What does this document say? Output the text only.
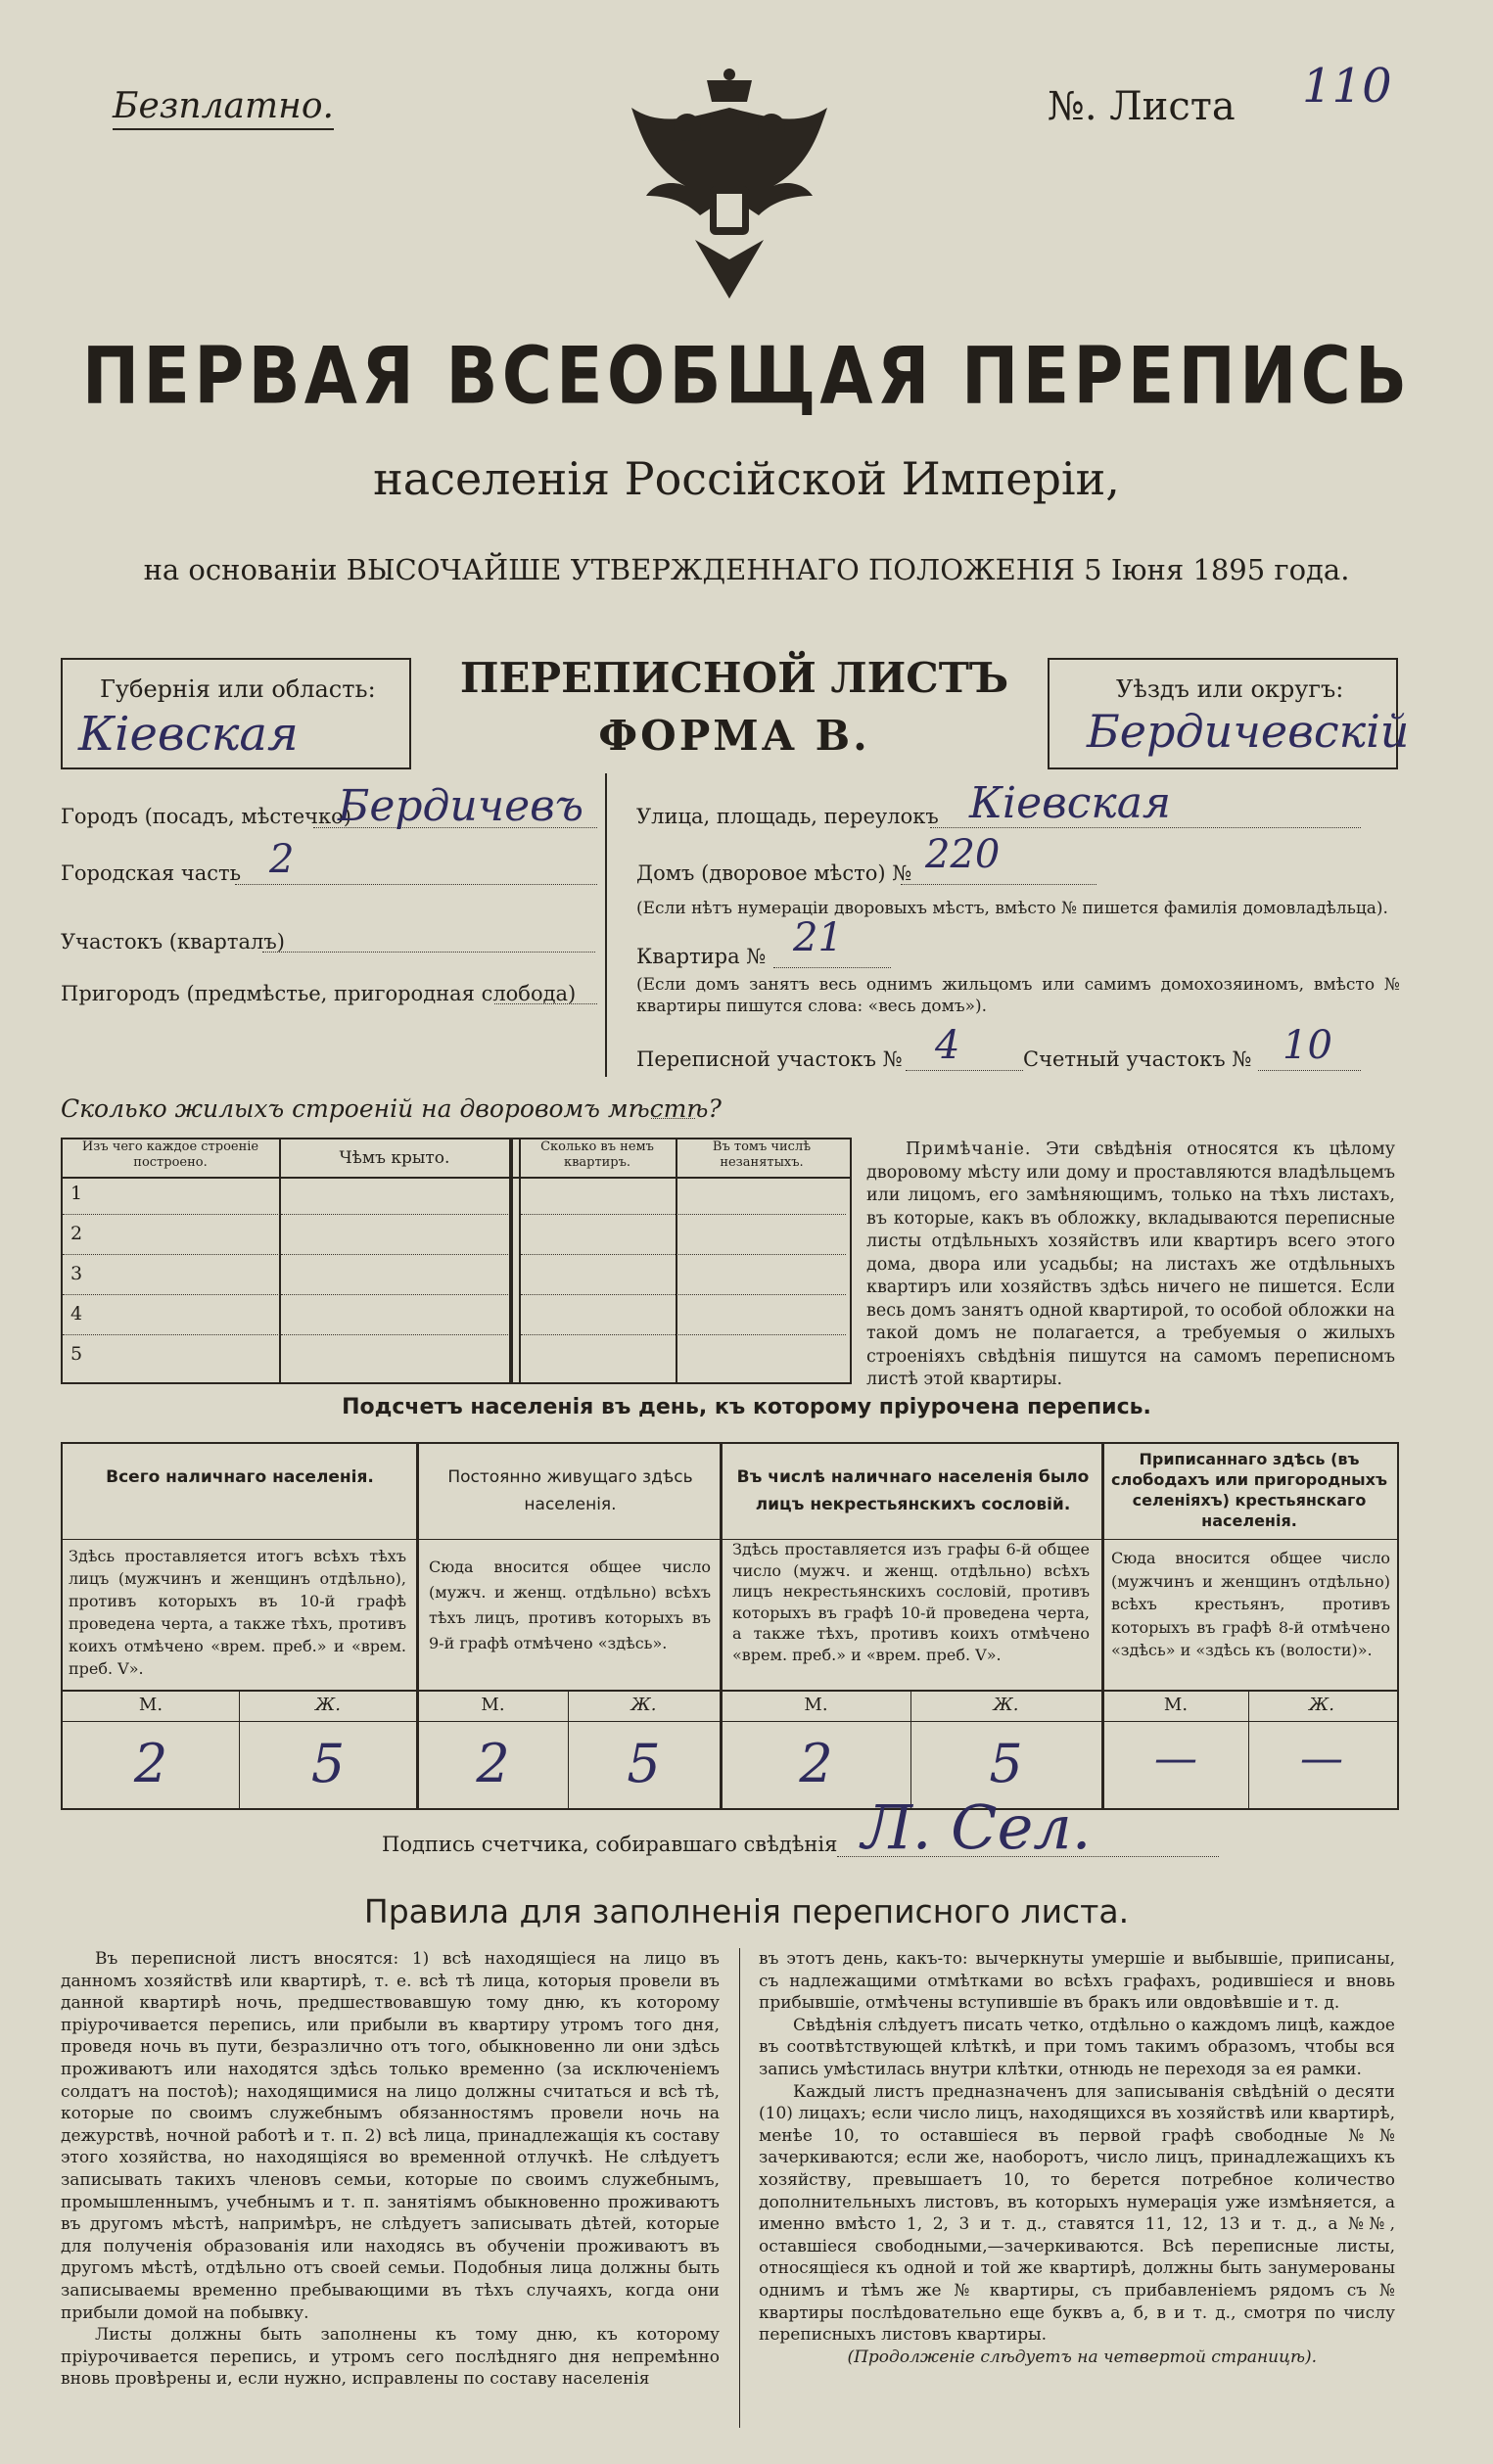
Безплатно.	№. Листа 110
ПЕРВАЯ ВСЕОБЩАЯ ПЕРЕПИСЬ
населенія Россійской Имперіи,
на основаніи ВЫСОЧАЙШЕ УТВЕРЖДЕННАГО ПОЛОЖЕНІЯ 5 Іюня 1895 года.
Губернія или область:
Кіевская
ПЕРЕПИСНОЙ ЛИСТЪ
ФОРМА В.
Уѣздъ или округъ:
Бердичевскій
Городъ (посадъ, мѣстечко)
Бердичевъ
Городская часть 2
Участокъ (кварталъ)
Пригородъ (предмѣстье, пригородная слобода)
Улица, площадь, переулокъ Кіевская
Домъ (дворовое мѣсто) № 220
(Если нѣтъ нумераціи дворовыхъ мѣстъ, вмѣсто № пишется фамилія домовладѣльца).
Квартира № 21
(Если домъ занятъ весь однимъ жильцомъ или самимъ домохозяиномъ, вмѣсто № квартиры пишутся слова: «весь домъ»).
Переписной участокъ № 4	Счетный участокъ № 10
Сколько жилыхъ строеній на дворовомъ мѣстѣ?
Изъ чего каждое строеніе построено.	Чѣмъ крыто.
Сколько въ немъ квартиръ.
Въ томъ числѣ незанятыхъ.
1
2
3
4
5
Примѣчаніе. Эти свѣдѣнія относятся къ цѣлому дворовому мѣсту или дому и проставляются владѣльцемъ или лицомъ, его замѣняющимъ, только на тѣхъ листахъ, въ которые, какъ въ обложку, вкладываются переписные листы отдѣльныхъ хозяйствъ или квартиръ всего этого дома, двора или усадьбы; на листахъ же отдѣльныхъ квартиръ или хозяйствъ здѣсь ничего не пишется. Если весь домъ занятъ одной квартирой, то особой обложки на такой домъ не полагается, а требуемыя о жилыхъ строеніяхъ свѣдѣнія пишутся на самомъ переписномъ листѣ этой квартиры.
Подсчетъ населенія въ день, къ которому пріурочена перепись.
Всего наличнаго населенія.
Здѣсь проставляется итогъ всѣхъ тѣхъ лицъ (мужчинъ и женщинъ отдѣльно), противъ которыхъ въ 10-й графѣ проведена черта, а также тѣхъ, противъ коихъ отмѣчено «врем. преб.» и «врем. преб. V».
М.	Ж.
2	5
Постоянно живущаго здѣсь населенія.
Сюда вносится общее число (мужч. и женщ. отдѣльно) всѣхъ тѣхъ лицъ, противъ которыхъ въ 9-й графѣ отмѣчено «здѣсь».
М.	Ж.
2	5
Въ числѣ наличнаго населенія было лицъ некрестьянскихъ сословій.
Здѣсь проставляется изъ графы 6-й общее число (мужч. и женщ. отдѣльно) всѣхъ лицъ некрестьянскихъ сословій, противъ которыхъ въ графѣ 10-й проведена черта, а также тѣхъ, противъ коихъ отмѣчено «врем. преб.» и «врем. преб. V».
М.	Ж.
2	5
Приписаннаго здѣсь (въ слободахъ или пригородныхъ селеніяхъ) крестьянскаго населенія.
Сюда вносится общее число (мужчинъ и женщинъ отдѣльно) всѣхъ крестьянъ, противъ которыхъ въ графѣ 8-й отмѣчено «здѣсь» и «здѣсь къ (волости)».
М.	Ж.
—	—
Подпись счетчика, собиравшаго свѣдѣнія Л. Сел.
Правила для заполненія переписного листа.
Въ переписной листъ вносятся: 1) всѣ находящіеся на лицо въ данномъ хозяйствѣ или квартирѣ, т. е. всѣ тѣ лица, которыя провели въ данной квартирѣ ночь, предшествовавшую тому дню, къ которому пріурочивается перепись, или прибыли въ квартиру утромъ того дня, проведя ночь въ пути, безразлично отъ того, обыкновенно ли они здѣсь проживаютъ или находятся здѣсь только временно (за исключеніемъ солдатъ на постоѣ); находящимися на лицо должны считаться и всѣ тѣ, которые по своимъ служебнымъ обязанностямъ провели ночь на дежурствѣ, ночной работѣ и т. п. 2) всѣ лица, принадлежащія къ составу этого хозяйства, но находящіяся во временной отлучкѣ. Не слѣдуетъ записывать такихъ членовъ семьи, которые по своимъ служебнымъ, промышленнымъ, учебнымъ и т. п. занятіямъ обыкновенно проживаютъ въ другомъ мѣстѣ, напримѣръ, не слѣдуетъ записывать дѣтей, которые для полученія образованія или находясь въ обученіи проживаютъ въ другомъ мѣстѣ, отдѣльно отъ своей семьи. Подобныя лица должны быть записываемы временно пребывающими въ тѣхъ случаяхъ, когда они прибыли домой на побывку.
Листы должны быть заполнены къ тому дню, къ которому пріурочивается перепись, и утромъ сего послѣдняго дня непремѣнно вновь провѣрены и, если нужно, исправлены по составу населенія
въ этотъ день, какъ-то: вычеркнуты умершіе и выбывшіе, приписаны, съ надлежащими отмѣтками во всѣхъ графахъ, родившіеся и вновь прибывшіе, отмѣчены вступившіе въ бракъ или овдовѣвшіе и т. д.
Свѣдѣнія слѣдуетъ писать четко, отдѣльно о каждомъ лицѣ, каждое въ соотвѣтствующей клѣткѣ, и при томъ такимъ образомъ, чтобы вся запись умѣстилась внутри клѣтки, отнюдь не переходя за ея рамки.
Каждый листъ предназначенъ для записыванія свѣдѣній о десяти (10) лицахъ; если число лицъ, находящихся въ хозяйствѣ или квартирѣ, менѣе 10, то оставшіеся въ первой графѣ свободные №№ зачеркиваются; если же, наоборотъ, число лицъ, принадлежащихъ къ хозяйству, превышаетъ 10, то берется потребное количество дополнительныхъ листовъ, въ которыхъ нумерація уже измѣняется, а именно вмѣсто 1, 2, 3 и т. д., ставятся 11, 12, 13 и т. д., а №№, оставшіеся свободными,—зачеркиваются. Всѣ переписные листы, относящіеся къ одной и той же квартирѣ, должны быть занумерованы однимъ и тѣмъ же № квартиры, съ прибавленіемъ рядомъ съ № квартиры послѣдовательно еще буквъ а, б, в и т. д., смотря по числу переписныхъ листовъ квартиры.
(Продолженіе слѣдуетъ на четвертой страницѣ).
